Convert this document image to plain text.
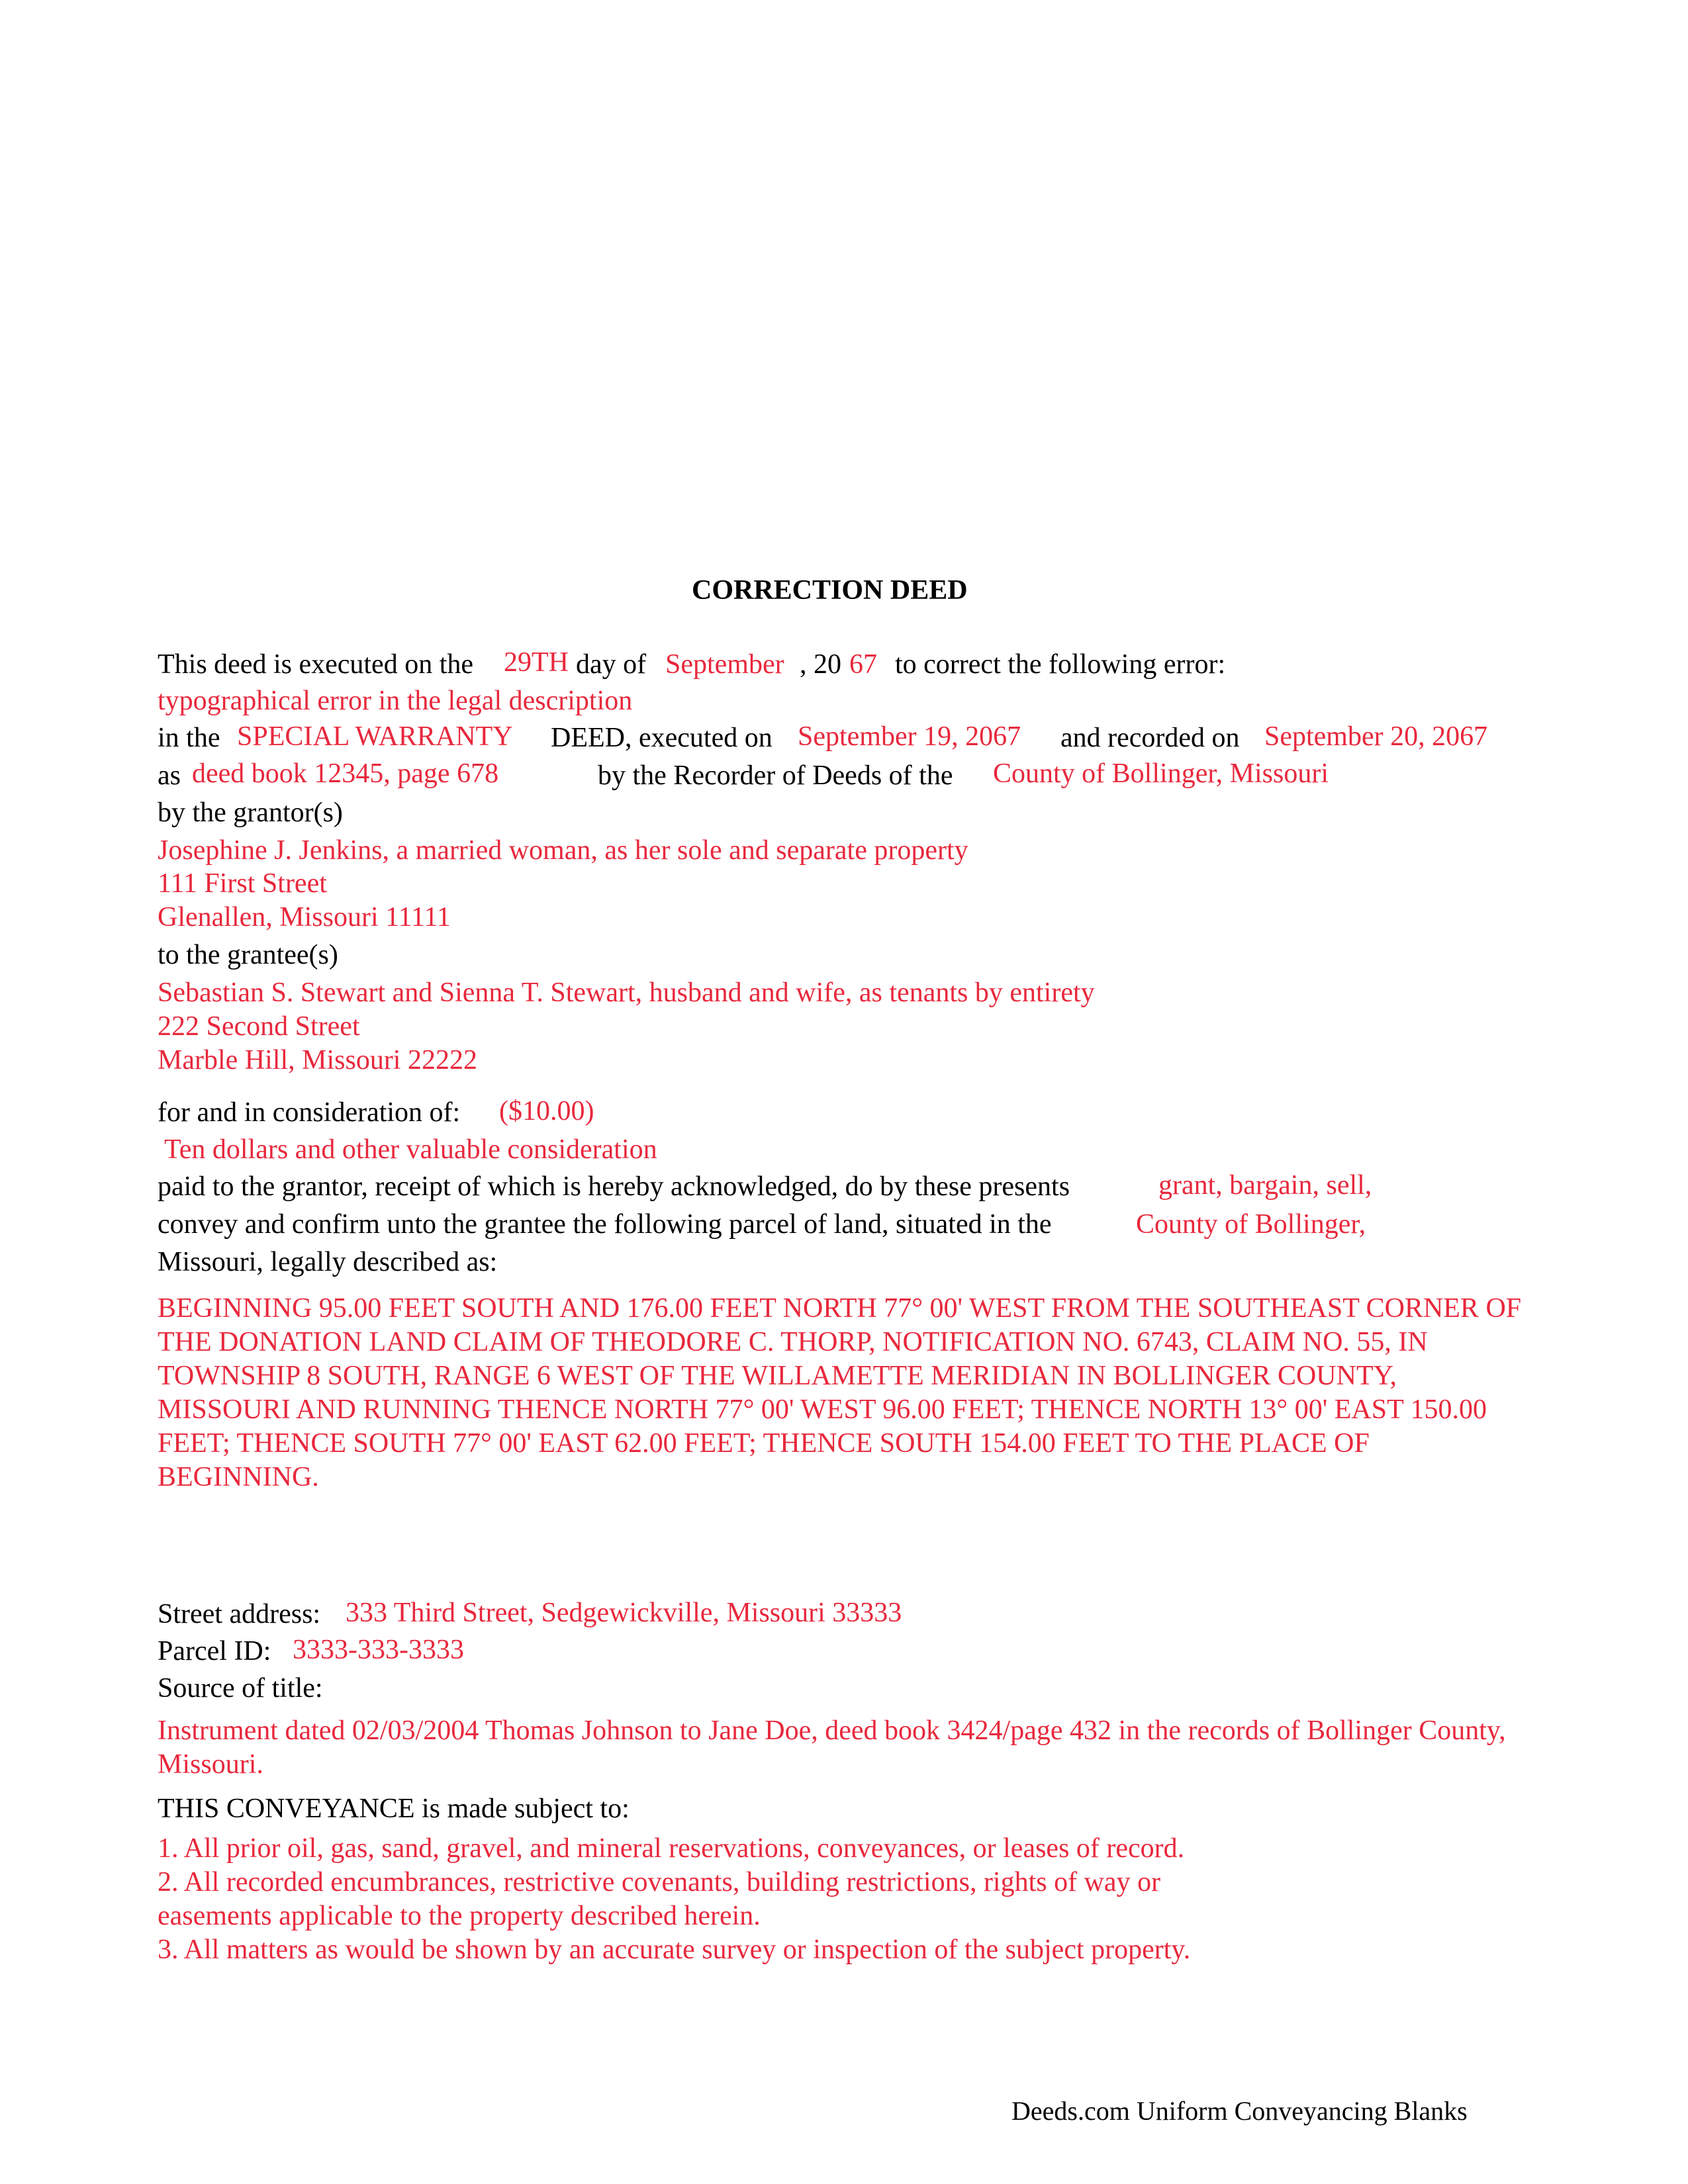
CORRECTION DEED
This deed is executed on the 29TH day of September , 20 67 to correct the following error:
typographical error in the legal description
in the SPECIAL WARRANTY DEED, executed on September 19, 2067 and recorded on September 20, 2067
as deed book 12345, page 678	by the Recorder of Deeds of the County of Bollinger, Missouri
by the grantor(s)
Josephine J. Jenkins, a married woman, as her sole and separate property
111 First Street
Glenallen, Missouri 11111
to the grantee(s)
Sebastian S. Stewart and Sienna T. Stewart, husband and wife, as tenants by entirety
222 Second Street
Marble Hill, Missouri 22222
for and in consideration of: ($10.00)
Ten dollars and other valuable consideration
paid to the grantor, receipt of which is hereby acknowledged, do by these presents	grant, bargain, sell,
convey and confirm unto the grantee the following parcel of land, situated in the	County of Bollinger,
Missouri, legally described as:
BEGINNING 95.00 FEET SOUTH AND 176.00 FEET NORTH 77° 00' WEST FROM THE SOUTHEAST CORNER OF THE DONATION LAND CLAIM OF THEODORE C. THORP, NOTIFICATION NO. 6743, CLAIM NO. 55, IN TOWNSHIP 8 SOUTH, RANGE 6 WEST OF THE WILLAMETTE MERIDIAN IN BOLLINGER COUNTY, MISSOURI AND RUNNING THENCE NORTH 77° 00' WEST 96.00 FEET; THENCE NORTH 13° 00' EAST 150.00 FEET; THENCE SOUTH 77° 00' EAST 62.00 FEET; THENCE SOUTH 154.00 FEET TO THE PLACE OF BEGINNING.
Street address: 333 Third Street, Sedgewickville, Missouri 33333
Parcel ID: 3333-333-3333
Source of title:
Instrument dated 02/03/2004 Thomas Johnson to Jane Doe, deed book 3424/page 432 in the records of Bollinger County, Missouri.
THIS CONVEYANCE is made subject to:
1. All prior oil, gas, sand, gravel, and mineral reservations, conveyances, or leases of record.
2. All recorded encumbrances, restrictive covenants, building restrictions, rights of way or
easements applicable to the property described herein.
3. All matters as would be shown by an accurate survey or inspection of the subject property.
Deeds.com Uniform Conveyancing Blanks
